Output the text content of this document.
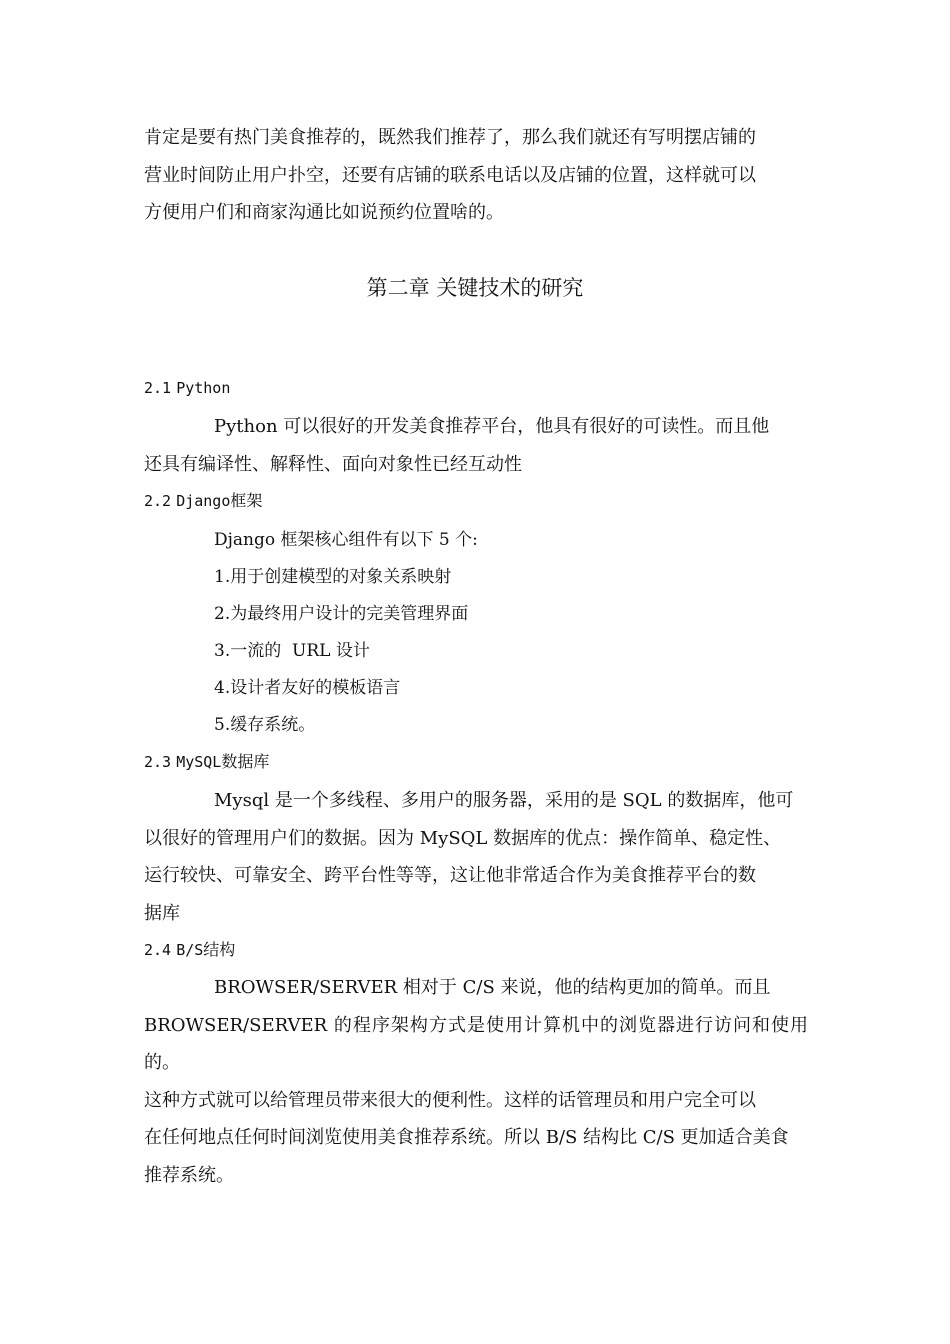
肯定是要有热门美食推荐的，既然我们推荐了，那么我们就还有写明摆店铺的
营业时间防止用户扑空，还要有店铺的联系电话以及店铺的位置，这样就可以
方便用户们和商家沟通比如说预约位置啥的。

第二章 关键技术的研究
2.1 Python

Python 可以很好的开发美食推荐平台，他具有很好的可读性。而且他
还具有编译性、解释性、面向对象性已经互动性

2.2 Django框架

Django 框架核心组件有以下 5 个:

1.用于创建模型的对象关系映射

2.为最终用户设计的完美管理界面

3.一流的  URL 设计

4.设计者友好的模板语言

5.缓存系统。

2.3 MySQL数据库

Mysql 是一个多线程、多用户的服务器，采用的是 SQL 的数据库，他可
以很好的管理用户们的数据。因为 MySQL 数据库的优点：操作简单、稳定性、
运行较快、可靠安全、跨平台性等等，这让他非常适合作为美食推荐平台的数
据库

2.4 B/S结构

BROWSER/SERVER 相对于 C/S 来说，他的结构更加的简单。而且
BROWSER/SERVER 的程序架构方式是使用计算机中的浏览器进行访问和使用的。
这种方式就可以给管理员带来很大的便利性。这样的话管理员和用户完全可以
在任何地点任何时间浏览使用美食推荐系统。所以 B/S 结构比 C/S 更加适合美食
推荐系统。
